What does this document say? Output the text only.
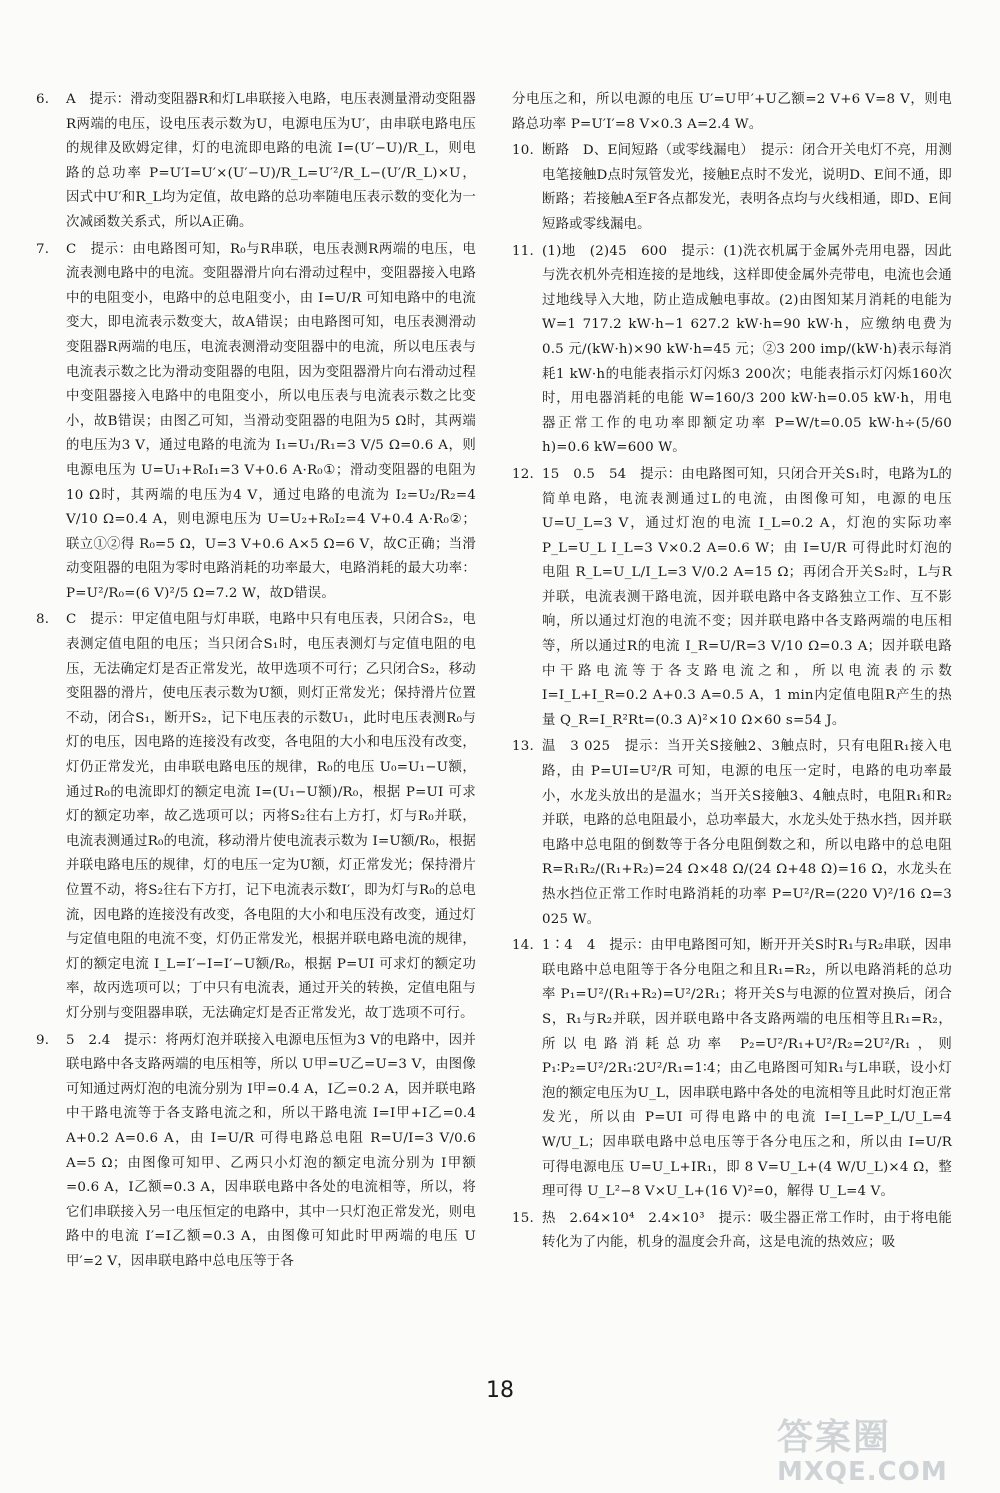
6. A　提示：滑动变阻器R和灯L串联接入电路，电压表测量滑动变阻器R两端的电压，设电压表示数为U，电源电压为U′，由串联电路电压的规律及欧姆定律，灯的电流即电路的电流 I=(U′−U)/R_L，则电路的总功率 P=U′I=U′×(U′−U)/R_L=U′²/R_L−(U′/R_L)×U，因式中U′和R_L均为定值，故电路的总功率随电压表示数的变化为一次减函数关系式，所以A正确。
7. C　提示：由电路图可知，R₀与R串联，电压表测R两端的电压，电流表测电路中的电流。变阻器滑片向右滑动过程中，变阻器接入电路中的电阻变小，电路中的总电阻变小，由 I=U/R 可知电路中的电流变大，即电流表示数变大，故A错误；由电路图可知，电压表测滑动变阻器R两端的电压，电流表测滑动变阻器中的电流，所以电压表与电流表示数之比为滑动变阻器的电阻，因为变阻器滑片向右滑动过程中变阻器接入电路中的电阻变小，所以电压表与电流表示数之比变小，故B错误；由图乙可知，当滑动变阻器的电阻为5 Ω时，其两端的电压为3 V，通过电路的电流为 I₁=U₁/R₁=3 V/5 Ω=0.6 A，则电源电压为 U=U₁+R₀I₁=3 V+0.6 A·R₀①；滑动变阻器的电阻为10 Ω时，其两端的电压为4 V，通过电路的电流为 I₂=U₂/R₂=4 V/10 Ω=0.4 A，则电源电压为 U=U₂+R₀I₂=4 V+0.4 A·R₀②；联立①②得 R₀=5 Ω，U=3 V+0.6 A×5 Ω=6 V，故C正确；当滑动变阻器的电阻为零时电路消耗的功率最大，电路消耗的最大功率：P=U²/R₀=(6 V)²/5 Ω=7.2 W，故D错误。
8. C　提示：甲定值电阻与灯串联，电路中只有电压表，只闭合S₂，电表测定值电阻的电压；当只闭合S₁时，电压表测灯与定值电阻的电压，无法确定灯是否正常发光，故甲选项不可行；乙只闭合S₂，移动变阻器的滑片，使电压表示数为U额，则灯正常发光；保持滑片位置不动，闭合S₁，断开S₂，记下电压表的示数U₁，此时电压表测R₀与灯的电压，因电路的连接没有改变，各电阻的大小和电压没有改变，灯仍正常发光，由串联电路电压的规律，R₀的电压 U₀=U₁−U额，通过R₀的电流即灯的额定电流 I=(U₁−U额)/R₀，根据 P=UI 可求灯的额定功率，故乙选项可以；丙将S₂往右上方打，灯与R₀并联，电流表测通过R₀的电流，移动滑片使电流表示数为 I=U额/R₀，根据并联电路电压的规律，灯的电压一定为U额，灯正常发光；保持滑片位置不动，将S₂往右下方打，记下电流表示数I′，即为灯与R₀的总电流，因电路的连接没有改变，各电阻的大小和电压没有改变，通过灯与定值电阻的电流不变，灯仍正常发光，根据并联电路电流的规律，灯的额定电流 I_L=I′−I=I′−U额/R₀，根据 P=UI 可求灯的额定功率，故丙选项可以；丁中只有电流表，通过开关的转换，定值电阻与灯分别与变阻器串联，无法确定灯是否正常发光，故丁选项不可行。
9. 5　2.4　提示：将两灯泡并联接入电源电压恒为3 V的电路中，因并联电路中各支路两端的电压相等，所以 U甲=U乙=U=3 V，由图像可知通过两灯泡的电流分别为 I甲=0.4 A，I乙=0.2 A，因并联电路中干路电流等于各支路电流之和，所以干路电流 I=I甲+I乙=0.4 A+0.2 A=0.6 A，由 I=U/R 可得电路总电阻 R=U/I=3 V/0.6 A=5 Ω；由图像可知甲、乙两只小灯泡的额定电流分别为 I甲额=0.6 A，I乙额=0.3 A，因串联电路中各处的电流相等，所以，将它们串联接入另一电压恒定的电路中，其中一只灯泡正常发光，则电路中的电流 I′=I乙额=0.3 A，由图像可知此时甲两端的电压 U甲′=2 V，因串联电路中总电压等于各
分电压之和，所以电源的电压 U′=U甲′+U乙额=2 V+6 V=8 V，则电路总功率 P=U′I′=8 V×0.3 A=2.4 W。
10. 断路　D、E间短路（或零线漏电）　提示：闭合开关电灯不亮，用测电笔接触D点时氖管发光，接触E点时不发光，说明D、E间不通，即断路；若接触A至F各点都发光，表明各点均与火线相通，即D、E间短路或零线漏电。
11. (1)地　(2)45　600　提示：(1)洗衣机属于金属外壳用电器，因此与洗衣机外壳相连接的是地线，这样即使金属外壳带电，电流也会通过地线导入大地，防止造成触电事故。(2)由图知某月消耗的电能为 W=1 717.2 kW·h−1 627.2 kW·h=90 kW·h，应缴纳电费为 0.5 元/(kW·h)×90 kW·h=45 元；②3 200 imp/(kW·h)表示每消耗1 kW·h的电能表指示灯闪烁3 200次；电能表指示灯闪烁160次时，用电器消耗的电能 W=160/3 200 kW·h=0.05 kW·h，用电器正常工作的电功率即额定功率 P=W/t=0.05 kW·h÷(5/60 h)=0.6 kW=600 W。
12. 15　0.5　54　提示：由电路图可知，只闭合开关S₁时，电路为L的简单电路，电流表测通过L的电流，由图像可知，电源的电压 U=U_L=3 V，通过灯泡的电流 I_L=0.2 A，灯泡的实际功率 P_L=U_L I_L=3 V×0.2 A=0.6 W；由 I=U/R 可得此时灯泡的电阻 R_L=U_L/I_L=3 V/0.2 A=15 Ω；再闭合开关S₂时，L与R并联，电流表测干路电流，因并联电路中各支路独立工作、互不影响，所以通过灯泡的电流不变；因并联电路中各支路两端的电压相等，所以通过R的电流 I_R=U/R=3 V/10 Ω=0.3 A；因并联电路中干路电流等于各支路电流之和，所以电流表的示数 I=I_L+I_R=0.2 A+0.3 A=0.5 A，1 min内定值电阻R产生的热量 Q_R=I_R²Rt=(0.3 A)²×10 Ω×60 s=54 J。
13. 温　3 025　提示：当开关S接触2、3触点时，只有电阻R₁接入电路，由 P=UI=U²/R 可知，电源的电压一定时，电路的电功率最小，水龙头放出的是温水；当开关S接触3、4触点时，电阻R₁和R₂并联，电路的总电阻最小，总功率最大，水龙头处于热水挡，因并联电路中总电阻的倒数等于各分电阻倒数之和，所以电路中的总电阻 R=R₁R₂/(R₁+R₂)=24 Ω×48 Ω/(24 Ω+48 Ω)=16 Ω，水龙头在热水挡位正常工作时电路消耗的功率 P=U²/R=(220 V)²/16 Ω=3 025 W。
14. 1∶4　4　提示：由甲电路图可知，断开开关S时R₁与R₂串联，因串联电路中总电阻等于各分电阻之和且R₁=R₂，所以电路消耗的总功率 P₁=U²/(R₁+R₂)=U²/2R₁；将开关S与电源的位置对换后，闭合S，R₁与R₂并联，因并联电路中各支路两端的电压相等且R₁=R₂，所以电路消耗总功率 P₂=U²/R₁+U²/R₂=2U²/R₁，则 P₁∶P₂=U²/2R₁∶2U²/R₁=1∶4；由乙电路图可知R₁与L串联，设小灯泡的额定电压为U_L，因串联电路中各处的电流相等且此时灯泡正常发光，所以由 P=UI 可得电路中的电流 I=I_L=P_L/U_L=4 W/U_L；因串联电路中总电压等于各分电压之和，所以由 I=U/R 可得电源电压 U=U_L+IR₁，即 8 V=U_L+(4 W/U_L)×4 Ω，整理可得 U_L²−8 V×U_L+(16 V)²=0，解得 U_L=4 V。
15. 热　2.64×10⁴　2.4×10³　提示：吸尘器正常工作时，由于将电能转化为了内能，机身的温度会升高，这是电流的热效应；吸
18
答案圈
MXQE.COM
